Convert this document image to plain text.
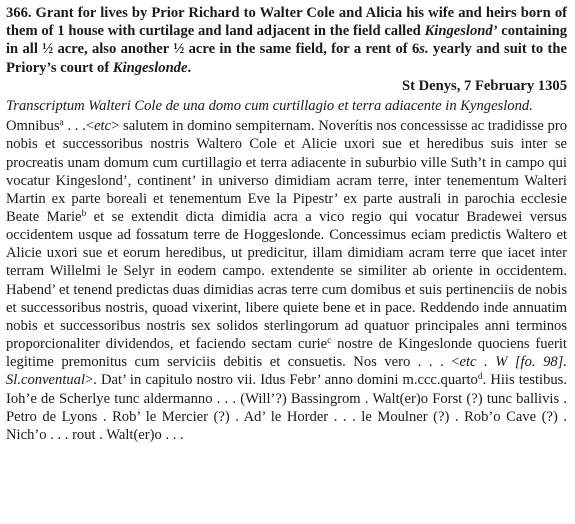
366. Grant for lives by Prior Richard to Walter Cole and Alicia his wife and heirs born of them of 1 house with curtilage and land adjacent in the field called Kingeslond’ containing in all ½ acre, also another ½ acre in the same field, for a rent of 6s. yearly and suit to the Priory’s court of Kingeslonde.

St Denys, 7 February 1305

Transcriptum Walteri Cole de una domo cum curtillagio et terra adiacente in Kyngeslond.

Omnibus$^a$ . . .<etc> salutem in domino sempiternam. Noverítis nos concessisse ac tradidisse pro nobis et successoribus nostris Waltero Cole et Alicie uxori sue et heredibus suis inter se procreatis unam domum cum curtillagio et terra adiacente in suburbio ville Suth’t in campo qui vocatur Kingeslond’, continent’ in universo dimidiam acram terre, inter tenementum Walteri Martin ex parte boreali et tenementum Eve la Pipestr’ ex parte australi in parochia ecclesie Beate Marie$^b$ et se extendit dicta dimidia acra a vico regio qui vocatur Bradewei versus occidentem usque ad fossatum terre de Hoggeslonde. Concessimus eciam predictis Waltero et Alicie uxori sue et eorum heredibus, ut predicitur, illam dimidiam acram terre que iacet inter terram Willelmi le Selyr in eodem campo. extendente se similiter ab oriente in occidentem. Habend’ et tenend predictas duas dimidias acras terre cum domibus et suis pertinenciis de nobis et successoribus nostris, quoad vixerint, libere quiete bene et in pace. Reddendo inde annuatim nobis et successoribus nostris sex solidos sterlingorum ad quatuor principales anni terminos proporcionaliter dividendos, et faciendo sectam curie$^c$ nostre de Kingeslonde quociens fuerit legitime premonitus cum serviciis debitis et consuetis. Nos vero . . . <etc . W [fo. 98]. Sl.conventual>. Dat’ in capitulo nostro vii. Idus Febr’ anno domini m.ccc.quarto$^d$. Hiis testibus. Ioh’e de Scherlye tunc aldermanno . . . (Will’?) Bassingrom . Walt(er)o Forst (?) tunc ballivis . Petro de Lyons . Rob’ le Mercier (?) . Ad’ le Horder . . . le Moulner (?) . Rob’o Cave (?) . Nich’o . . . rout . Walt(er)o . . .
